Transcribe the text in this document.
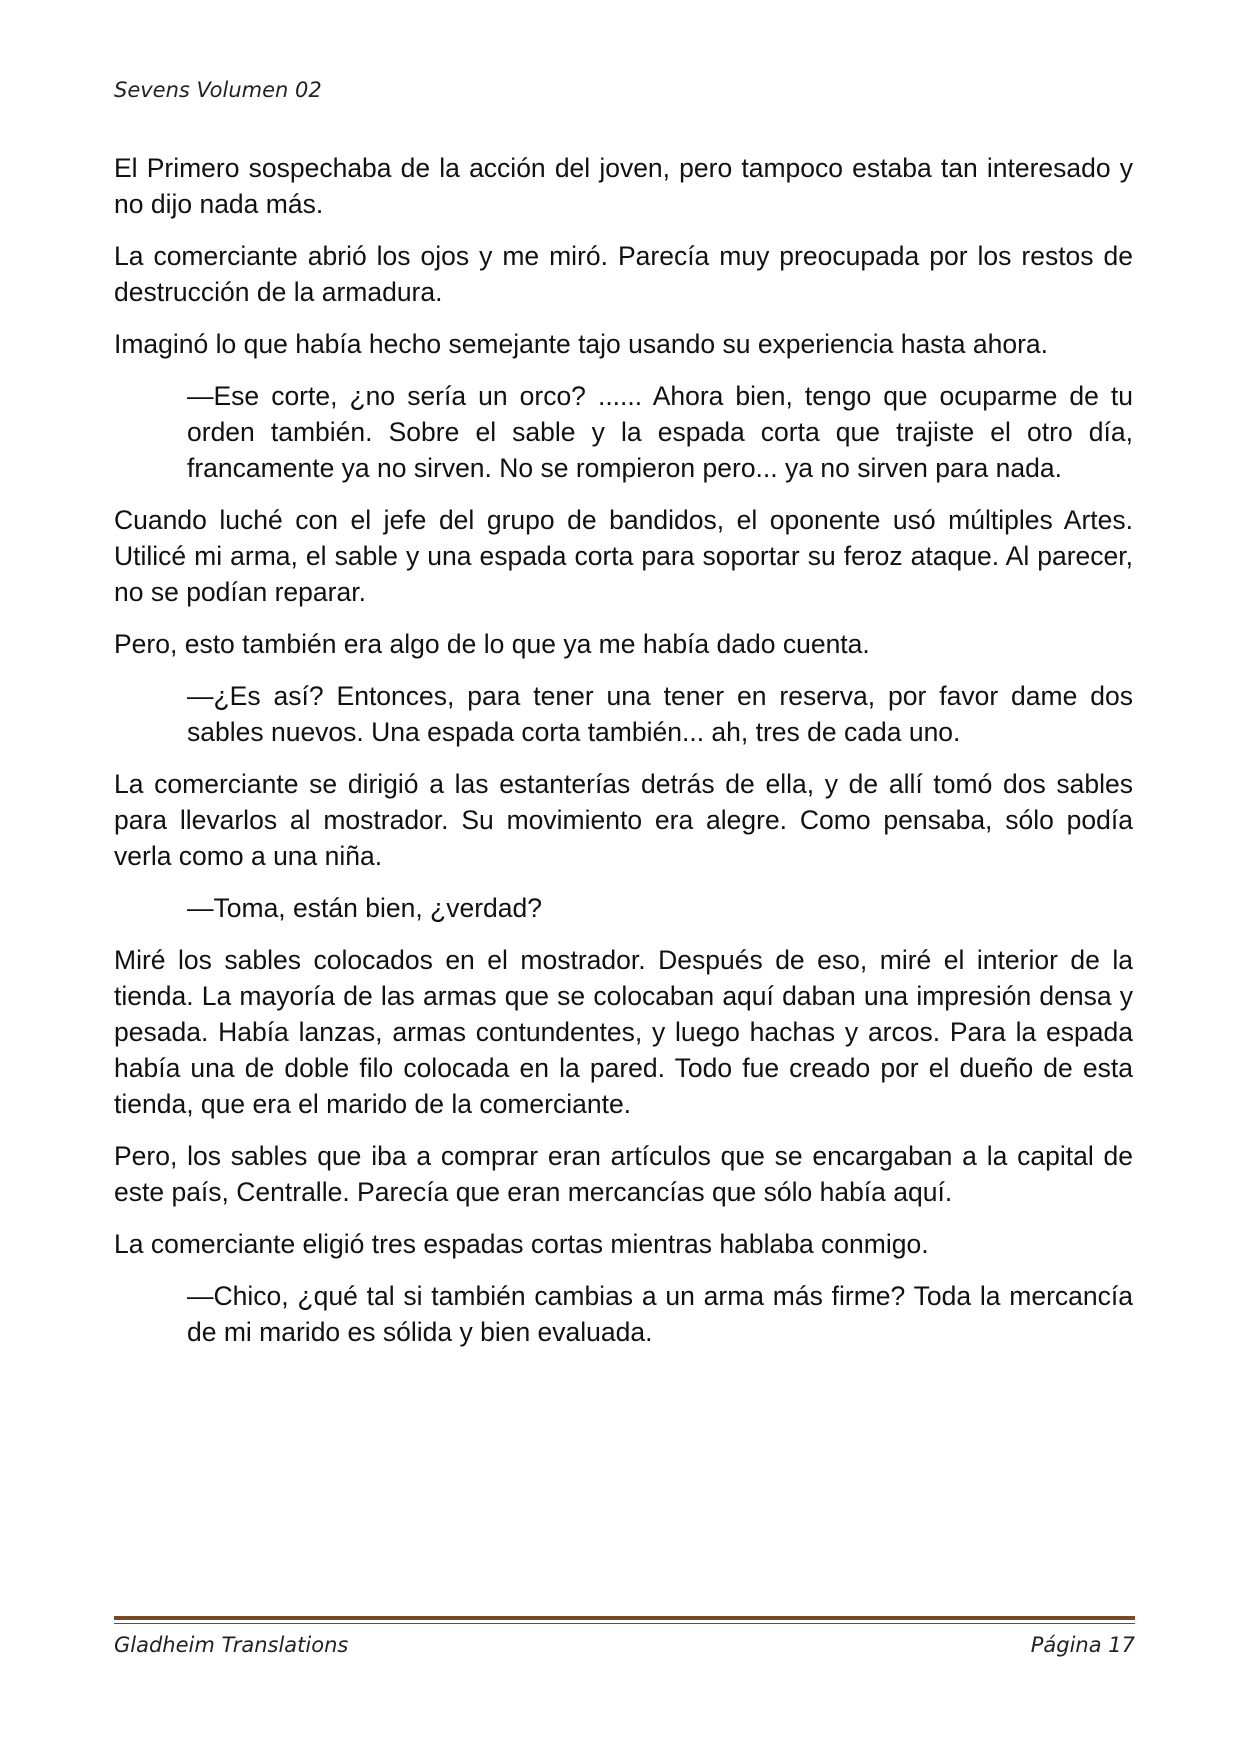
Sevens Volumen 02

El Primero sospechaba de la acción del joven, pero tampoco estaba tan interesado y no dijo nada más.

La comerciante abrió los ojos y me miró. Parecía muy preocupada por los restos de destrucción de la armadura.

Imaginó lo que había hecho semejante tajo usando su experiencia hasta ahora.

—Ese corte, ¿no sería un orco? ...... Ahora bien, tengo que ocuparme de tu orden también. Sobre el sable y la espada corta que trajiste el otro día, francamente ya no sirven. No se rompieron pero... ya no sirven para nada.

Cuando luché con el jefe del grupo de bandidos, el oponente usó múltiples Artes. Utilicé mi arma, el sable y una espada corta para soportar su feroz ataque. Al parecer, no se podían reparar.

Pero, esto también era algo de lo que ya me había dado cuenta.

—¿Es así? Entonces, para tener una tener en reserva, por favor dame dos sables nuevos. Una espada corta también... ah, tres de cada uno.

La comerciante se dirigió a las estanterías detrás de ella, y de allí tomó dos sables para llevarlos al mostrador. Su movimiento era alegre. Como pensaba, sólo podía verla como a una niña.

—Toma, están bien, ¿verdad?

Miré los sables colocados en el mostrador. Después de eso, miré el interior de la tienda. La mayoría de las armas que se colocaban aquí daban una impresión densa y pesada. Había lanzas, armas contundentes, y luego hachas y arcos. Para la espada había una de doble filo colocada en la pared. Todo fue creado por el dueño de esta tienda, que era el marido de la comerciante.

Pero, los sables que iba a comprar eran artículos que se encargaban a la capital de este país, Centralle. Parecía que eran mercancías que sólo había aquí.

La comerciante eligió tres espadas cortas mientras hablaba conmigo.

—Chico, ¿qué tal si también cambias a un arma más firme? Toda la mercancía de mi marido es sólida y bien evaluada.

Gladheim Translations	Página 17
